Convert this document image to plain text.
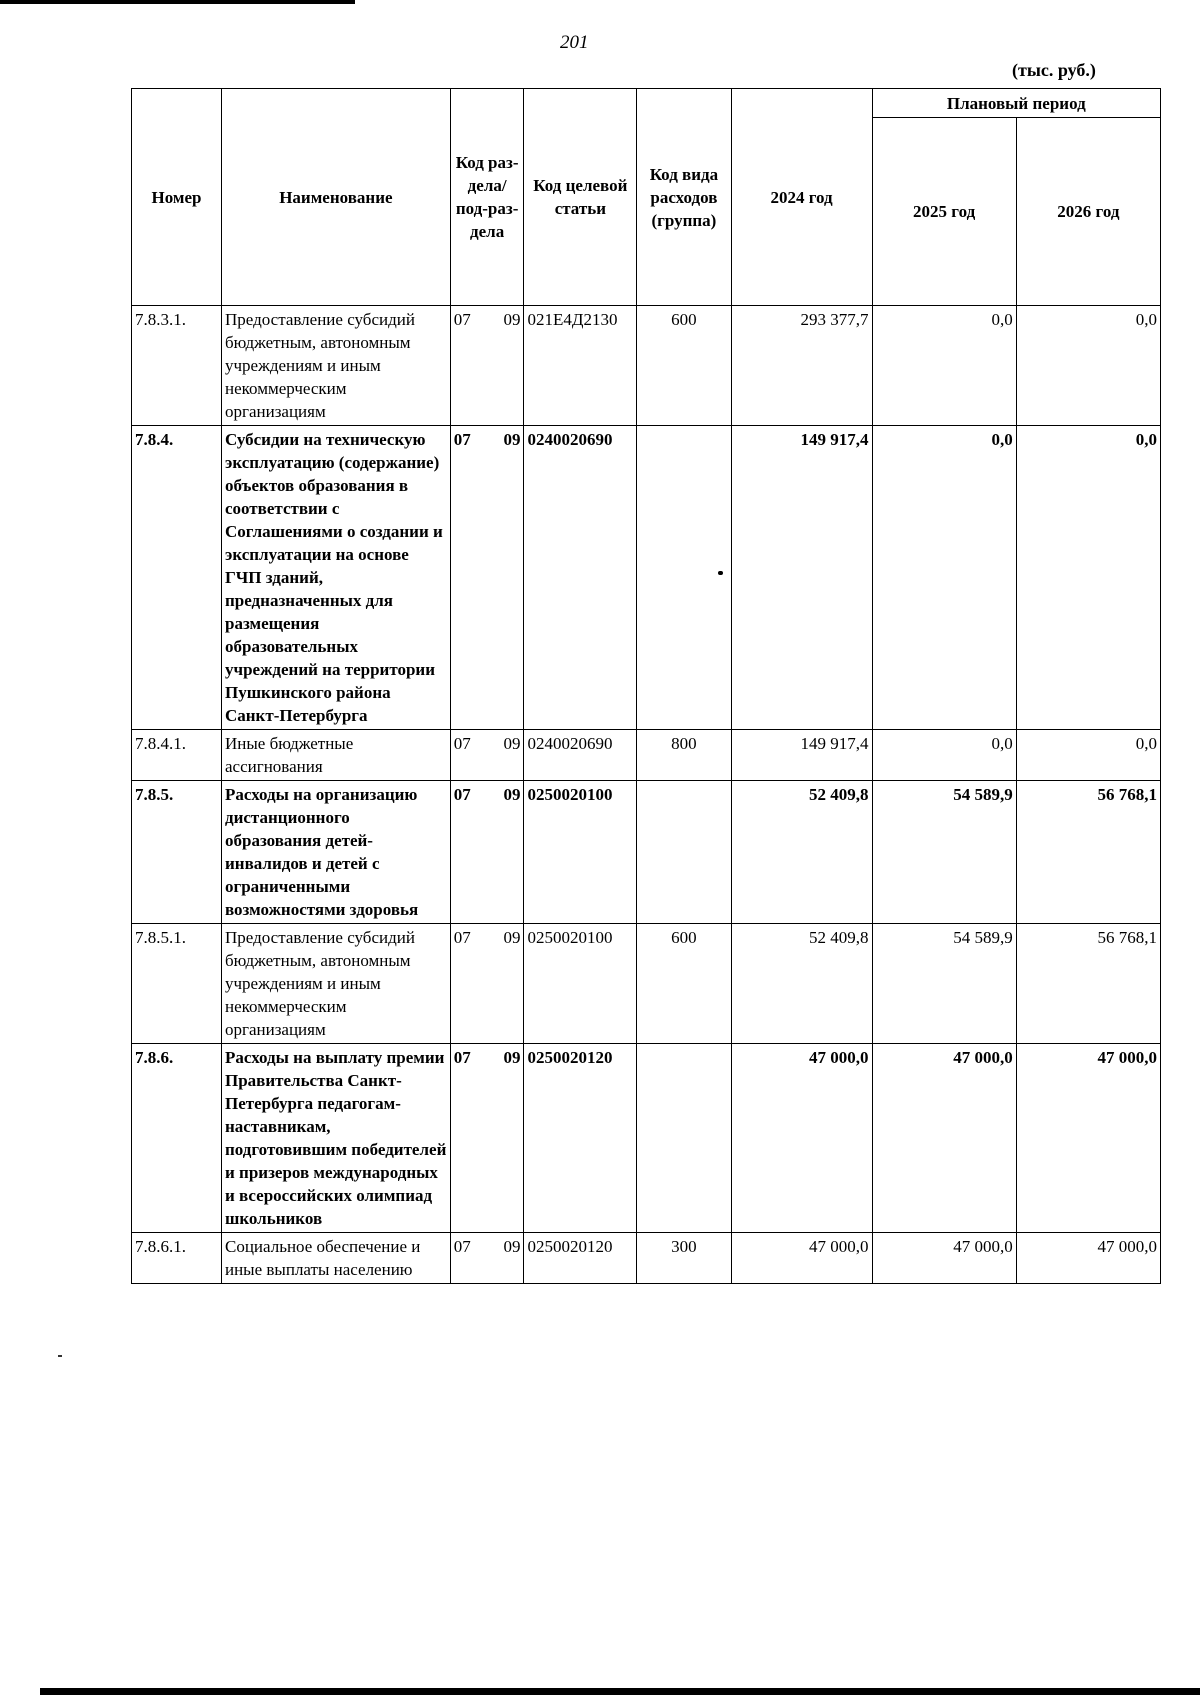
201
(тыс. руб.)
Номер	Наименование	Код раз-дела/ под-раз-дела	Код целевой статьи	Код вида расходов (группа)	2024 год	Плановый период	
						2025 год	2026 год
7.8.3.1.	Предоставление субсидий бюджетным, автономным учреждениям и иным некоммерческим организациям	07 09	021Е4Д2130	600	293 377,7	0,0	0,0
7.8.4.	Субсидии на техническую эксплуатацию (содержание) объектов образования в соответствии с Соглашениями о создании и эксплуатации на основе ГЧП зданий, предназначенных для размещения образовательных учреждений на территории Пушкинского района Санкт-Петербурга	07 09	0240020690		149 917,4	0,0	0,0
7.8.4.1.	Иные бюджетные ассигнования	07 09	0240020690	800	149 917,4	0,0	0,0
7.8.5.	Расходы на организацию дистанционного образования детей-инвалидов и детей с ограниченными возможностями здоровья	07 09	0250020100		52 409,8	54 589,9	56 768,1
7.8.5.1.	Предоставление субсидий бюджетным, автономным учреждениям и иным некоммерческим организациям	07 09	0250020100	600	52 409,8	54 589,9	56 768,1
7.8.6.	Расходы на выплату премии Правительства Санкт-Петербурга педагогам-наставникам, подготовившим победителей и призеров международных и всероссийских олимпиад школьников	07 09	0250020120		47 000,0	47 000,0	47 000,0
7.8.6.1.	Социальное обеспечение и иные выплаты населению	07 09	0250020120	300	47 000,0	47 000,0	47 000,0
